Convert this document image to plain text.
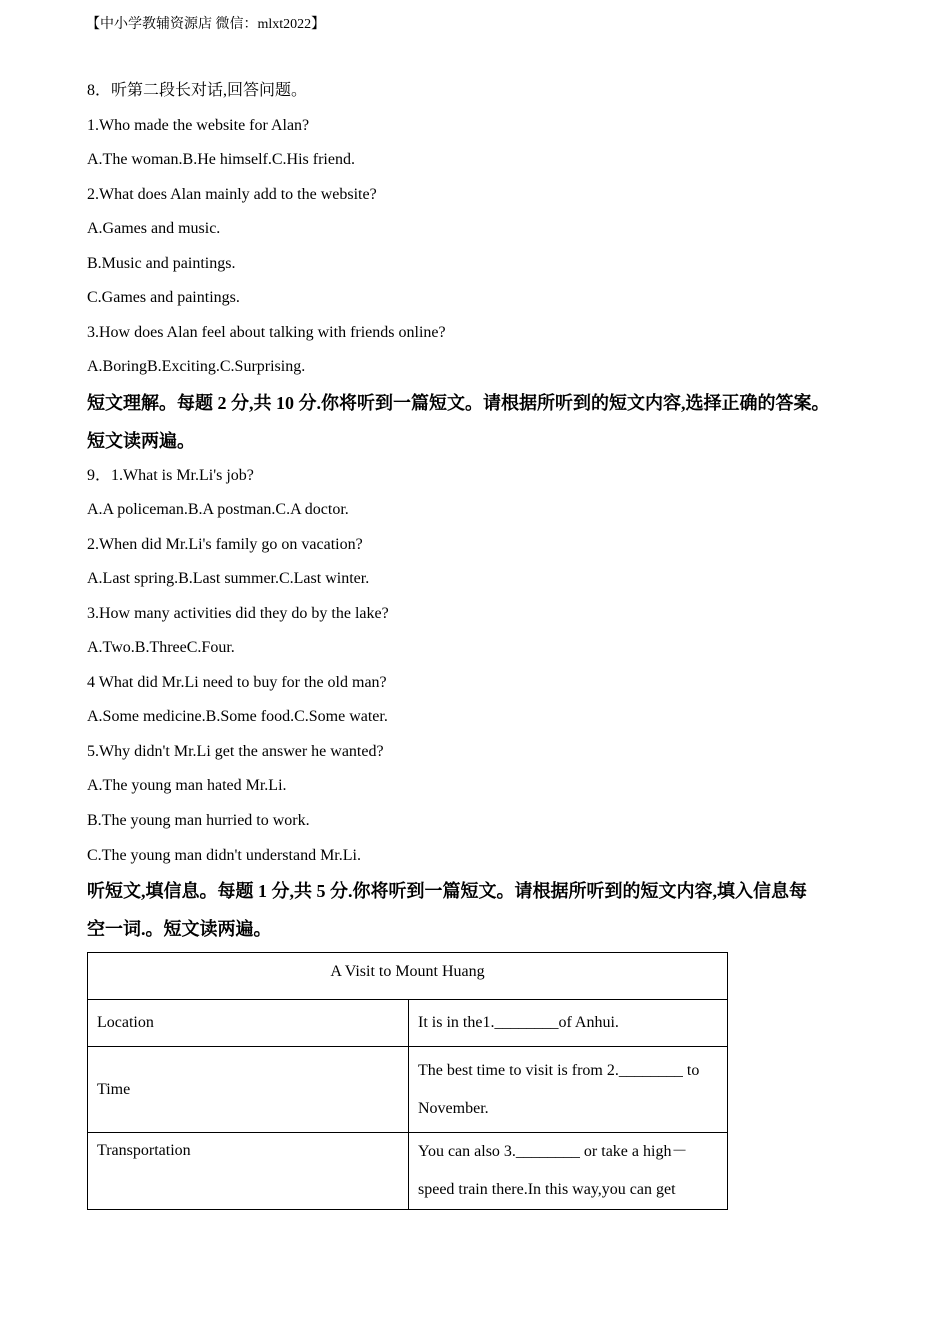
【中小学教辅资源店 微信：mlxt2022】
8．听第二段长对话,回答问题。
1.Who made the website for Alan?
A.The woman.B.He himself.C.His friend.
2.What does Alan mainly add to the website?
A.Games and music.
B.Music and paintings.
C.Games and paintings.
3.How does Alan feel about talking with friends online?
A.BoringB.Exciting.C.Surprising.
短文理解。每题 2 分,共 10 分.你将听到一篇短文。请根据所听到的短文内容,选择正确的答案。
短文读两遍。
9．1.What is Mr.Li's job?
A.A policeman.B.A postman.C.A doctor.
2.When did Mr.Li's family go on vacation?
A.Last spring.B.Last summer.C.Last winter.
3.How many activities did they do by the lake?
A.Two.B.ThreeC.Four.
4 What did Mr.Li need to buy for the old man?
A.Some medicine.B.Some food.C.Some water.
5.Why didn't Mr.Li get the answer he wanted?
A.The young man hated Mr.Li.
B.The young man hurried to work.
C.The young man didn't understand Mr.Li.
听短文,填信息。每题 1 分,共 5 分.你将听到一篇短文。请根据所听到的短文内容,填入信息每
空一词.。短文读两遍。
A Visit to Mount Huang	
Location	It is in the1.________of Anhui.
Time	The best time to visit is from 2.________ to
November.

Transportation	You can also 3.________ or take a high－
speed train there.In this way,you can get
